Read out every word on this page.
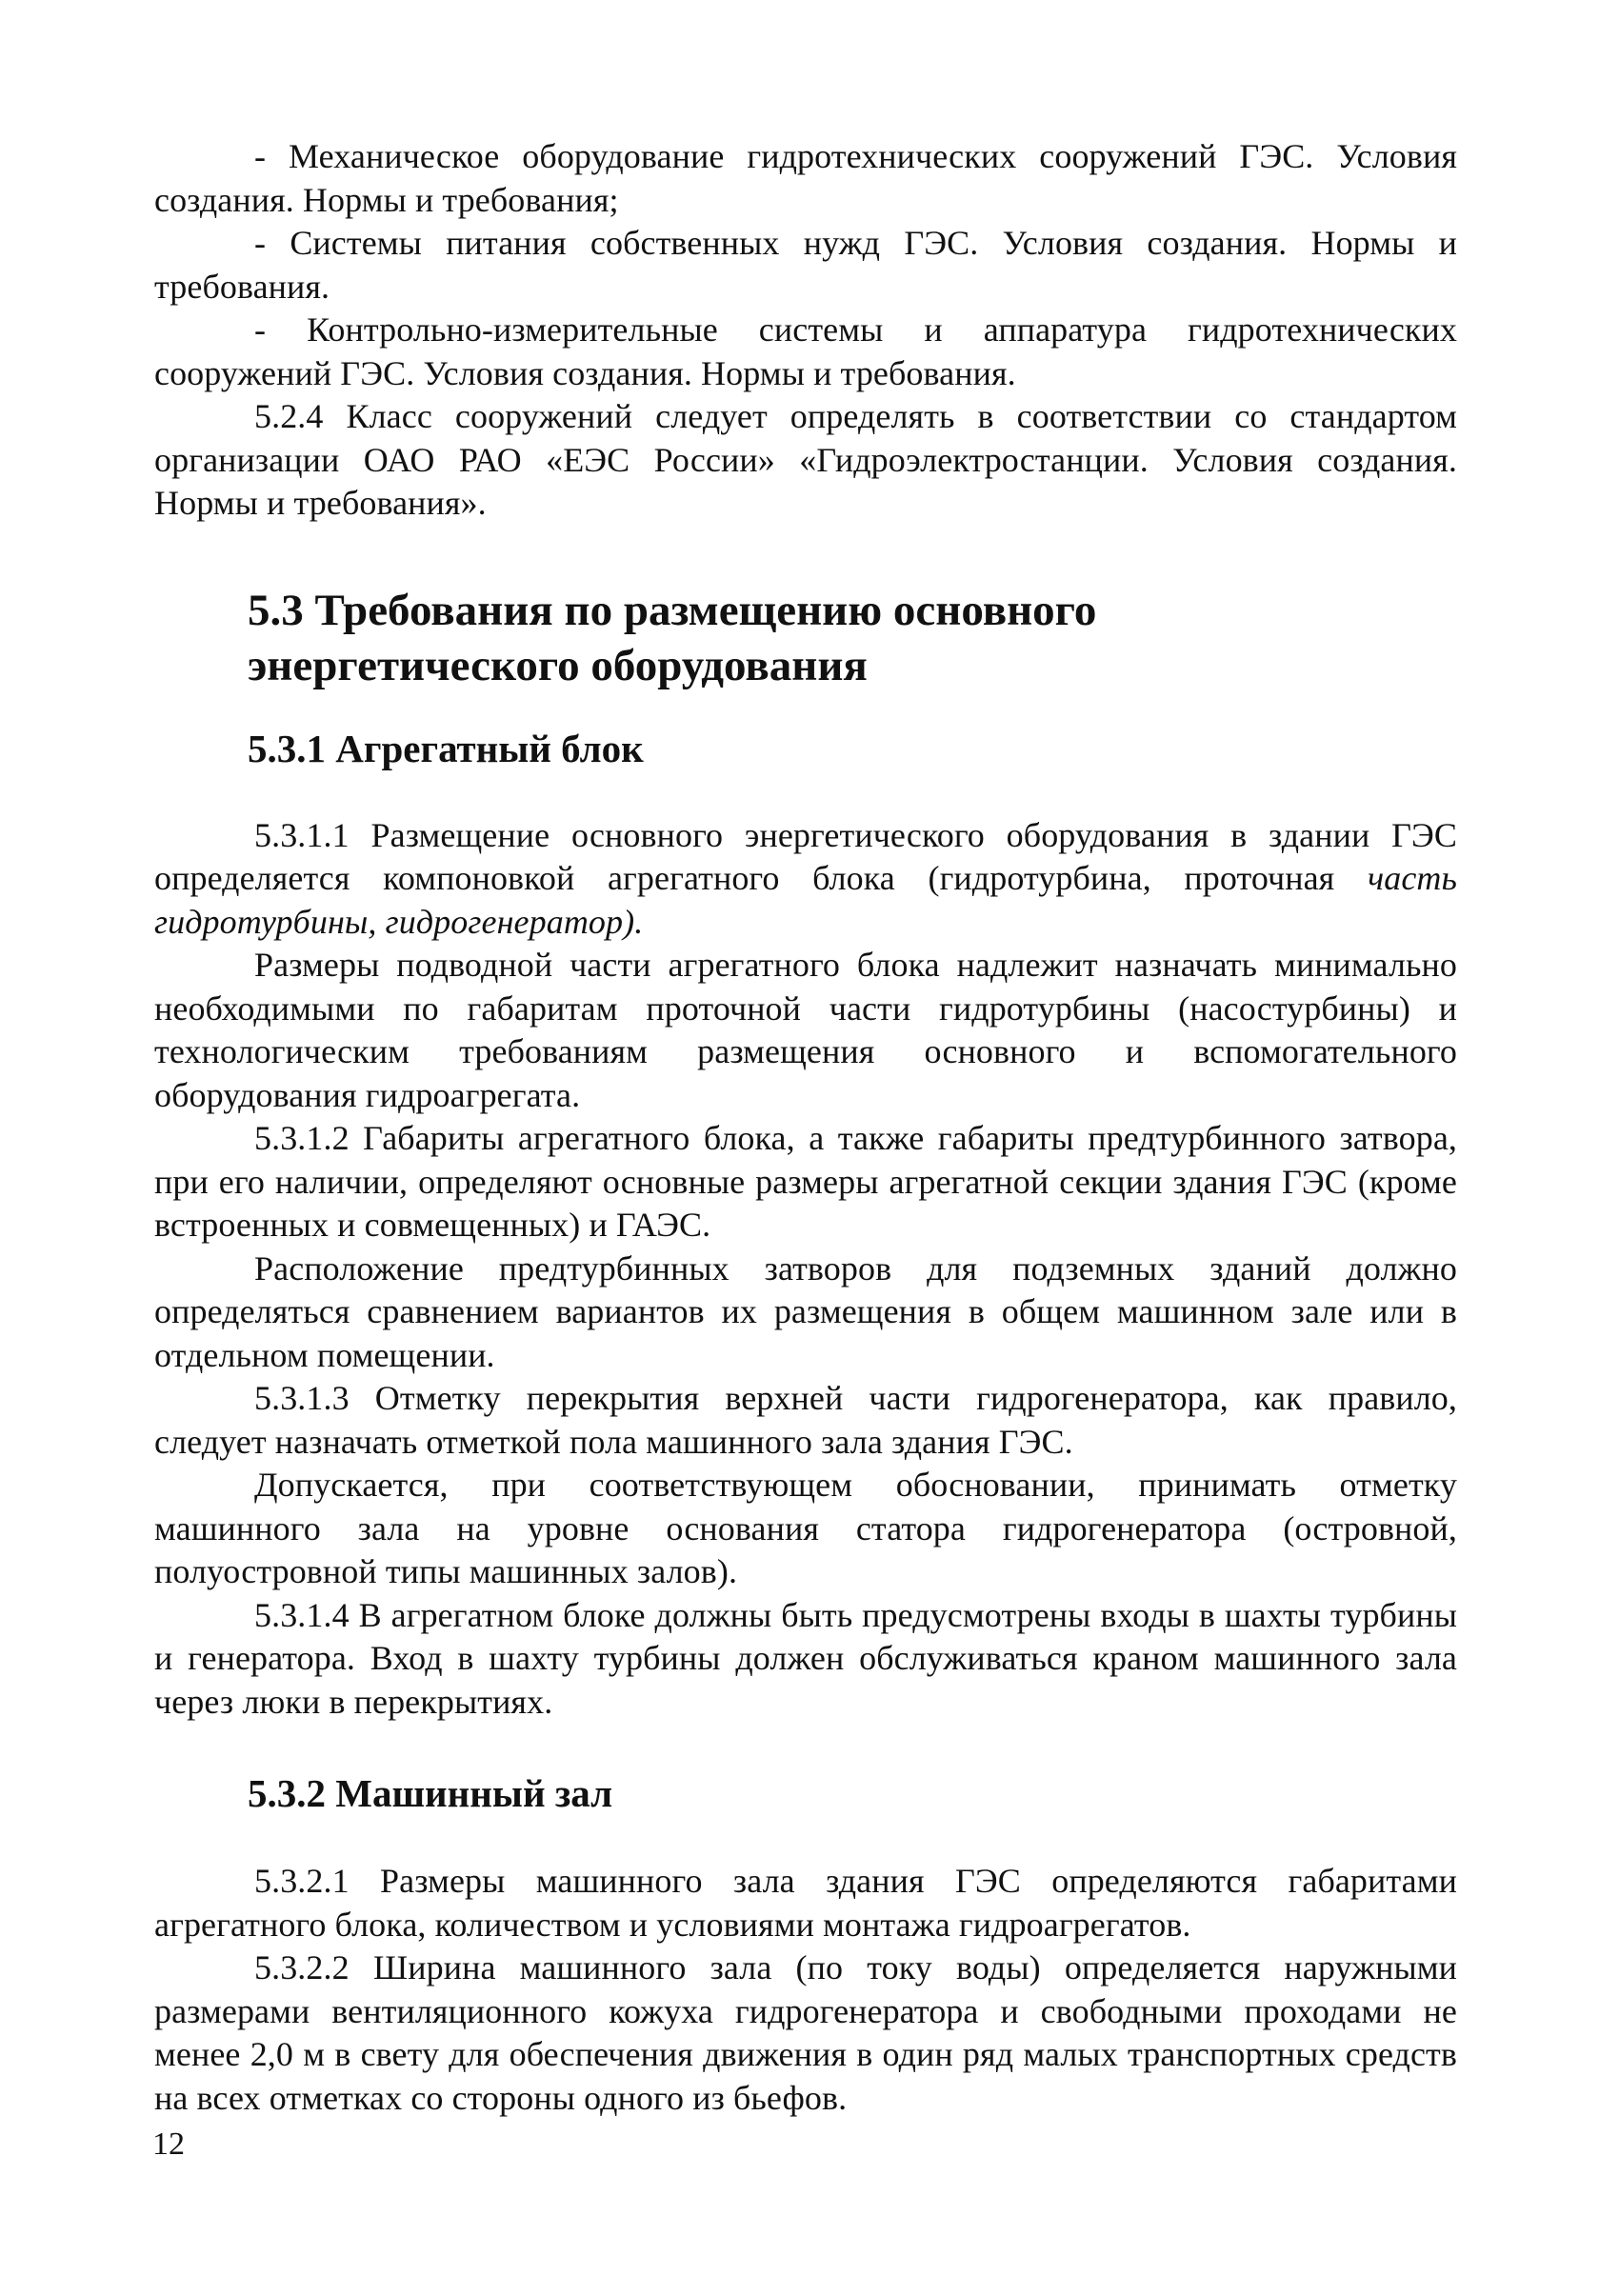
- Механическое оборудование гидротехнических сооружений ГЭС. Условия создания. Нормы и требования;

- Системы питания собственных нужд ГЭС. Условия создания. Нормы и требования.

- Контрольно-измерительные системы и аппаратура гидротехнических сооружений ГЭС. Условия создания. Нормы и требования.

5.2.4 Класс сооружений следует определять в соответствии со стандартом организации ОАО РАО «ЕЭС России» «Гидроэлектростанции. Условия создания. Нормы и требования».

5.3 Требования по размещению основного энергетического оборудования
5.3.1 Агрегатный блок

5.3.1.1 Размещение основного энергетического оборудования в здании ГЭС определяется компоновкой агрегатного блока (гидротурбина, проточная часть гидротурбины, гидрогенератор).

Размеры подводной части агрегатного блока надлежит назначать минимально необходимыми по габаритам проточной части гидротурбины (насостурбины) и технологическим требованиям размещения основного и вспомогательного оборудования гидроагрегата.

5.3.1.2 Габариты агрегатного блока, а также габариты предтурбинного затвора, при его наличии, определяют основные размеры агрегатной секции здания ГЭС (кроме встроенных и совмещенных) и ГАЭС.

Расположение предтурбинных затворов для подземных зданий должно определяться сравнением вариантов их размещения в общем машинном зале или в отдельном помещении.

5.3.1.3 Отметку перекрытия верхней части гидрогенератора, как правило, следует назначать отметкой пола машинного зала здания ГЭС.

Допускается, при соответствующем обосновании, принимать отметку машинного зала на уровне основания статора гидрогенератора (островной, полуостровной типы машинных залов).

5.3.1.4 В агрегатном блоке должны быть предусмотрены входы в шахты турбины и генератора. Вход в шахту турбины должен обслуживаться краном машинного зала через люки в перекрытиях.

5.3.2 Машинный зал

5.3.2.1 Размеры машинного зала здания ГЭС определяются габаритами агрегатного блока, количеством и условиями монтажа гидроагрегатов.

5.3.2.2 Ширина машинного зала (по току воды) определяется наружными размерами вентиляционного кожуха гидрогенератора и свободными проходами не менее 2,0 м в свету для обеспечения движения в один ряд малых транспортных средств на всех отметках со стороны одного из бьефов.

12
